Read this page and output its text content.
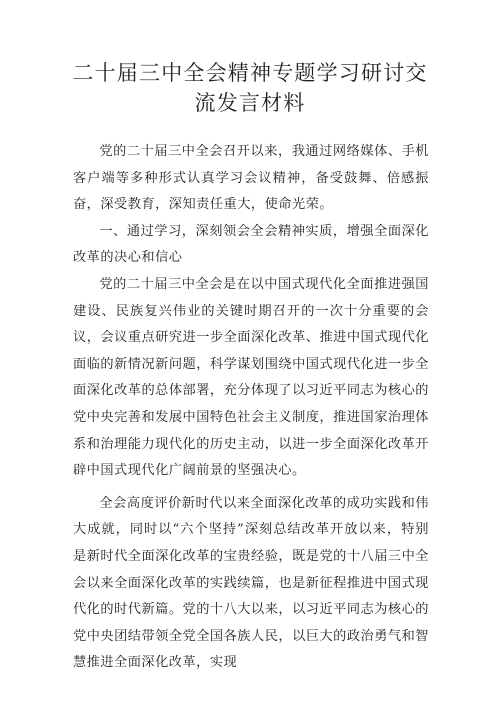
二十届三中全会精神专题学习研讨交流发言材料

党的二十届三中全会召开以来，我通过网络媒体、手机客户端等多种形式认真学习会议精神，备受鼓舞、倍感振奋，深受教育，深知责任重大，使命光荣。

一、通过学习，深刻领会全会精神实质，增强全面深化改革的决心和信心

党的二十届三中全会是在以中国式现代化全面推进强国建设、民族复兴伟业的关键时期召开的一次十分重要的会议，会议重点研究进一步全面深化改革、推进中国式现代化面临的新情况新问题，科学谋划围绕中国式现代化进一步全面深化改革的总体部署，充分体现了以习近平同志为核心的党中央完善和发展中国特色社会主义制度，推进国家治理体系和治理能力现代化的历史主动，以进一步全面深化改革开辟中国式现代化广阔前景的坚强决心。

全会高度评价新时代以来全面深化改革的成功实践和伟大成就，同时以“六个坚持”深刻总结改革开放以来，特别是新时代全面深化改革的宝贵经验，既是党的十八届三中全会以来全面深化改革的实践续篇，也是新征程推进中国式现代化的时代新篇。党的十八大以来，以习近平同志为核心的党中央团结带领全党全国各族人民，以巨大的政治勇气和智慧推进全面深化改革，实现
